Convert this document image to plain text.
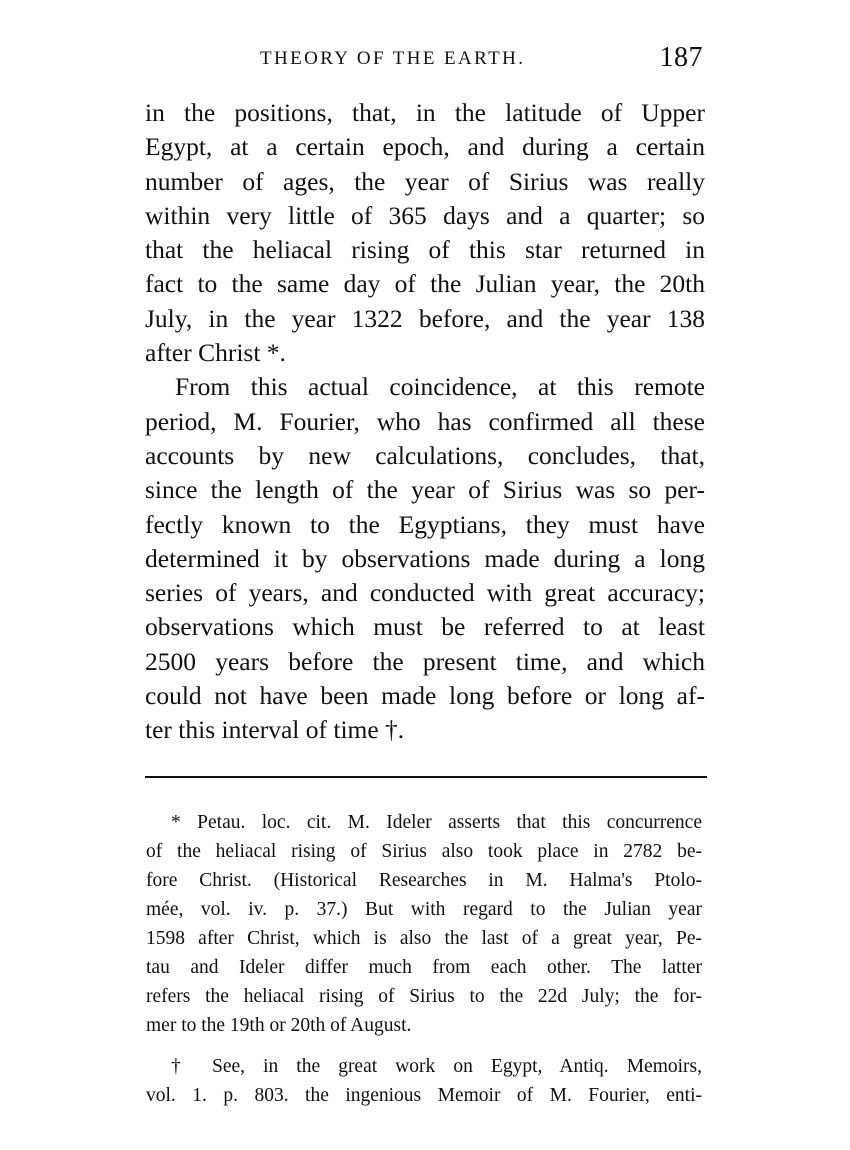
THEORY OF THE EARTH.	187
in the positions, that, in the latitude of Upper
Egypt, at a certain epoch, and during a certain
number of ages, the year of Sirius was really
within very little of 365 days and a quarter; so
that the heliacal rising of this star returned in
fact to the same day of the Julian year, the 20th
July, in the year 1322 before, and the year 138
after Christ *.
From this actual coincidence, at this remote
period, M. Fourier, who has confirmed all these
accounts by new calculations, concludes, that,
since the length of the year of Sirius was so per-
fectly known to the Egyptians, they must have
determined it by observations made during a long
series of years, and conducted with great accuracy;
observations which must be referred to at least
2500 years before the present time, and which
could not have been made long before or long af-
ter this interval of time †.
* Petau. loc. cit. M. Ideler asserts that this concurrence
of the heliacal rising of Sirius also took place in 2782 be-
fore Christ. (Historical Researches in M. Halma's Ptolo-
mée, vol. iv. p. 37.) But with regard to the Julian year
1598 after Christ, which is also the last of a great year, Pe-
tau and Ideler differ much from each other. The latter
refers the heliacal rising of Sirius to the 22d July; the for-
mer to the 19th or 20th of August.
† See, in the great work on Egypt, Antiq. Memoirs,
vol. 1. p. 803. the ingenious Memoir of M. Fourier, enti-
